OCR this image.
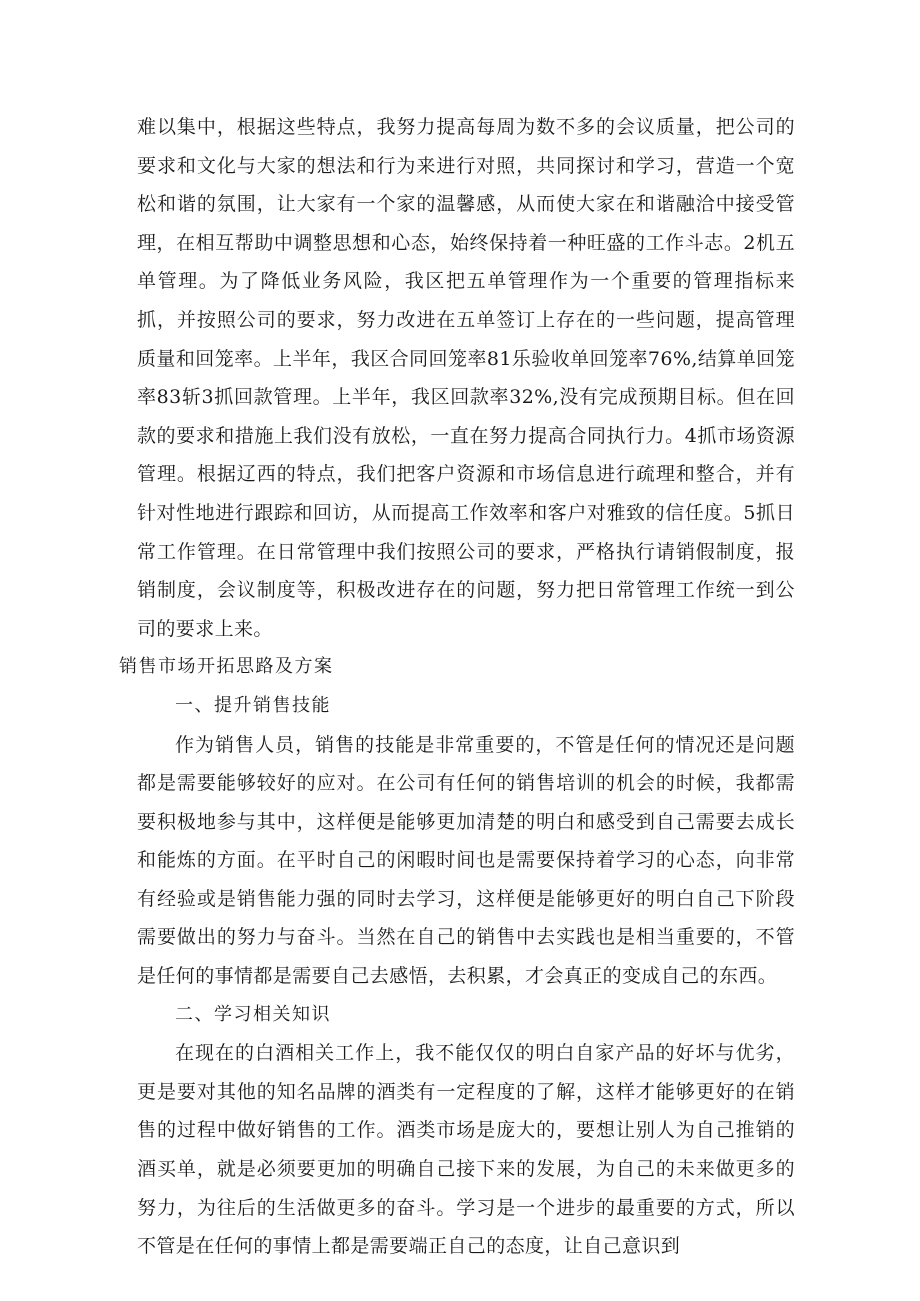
难以集中，根据这些特点，我努力提高每周为数不多的会议质量，把公司的要求和文化与大家的想法和行为来进行对照，共同探讨和学习，营造一个宽松和谐的氛围，让大家有一个家的温馨感，从而使大家在和谐融洽中接受管理，在相互帮助中调整思想和心态，始终保持着一种旺盛的工作斗志。2机五单管理。为了降低业务风险，我区把五单管理作为一个重要的管理指标来抓，并按照公司的要求，努力改进在五单签订上存在的一些问题，提高管理质量和回笼率。上半年，我区合同回笼率81乐验收单回笼率76%,结算单回笼率83斩3抓回款管理。上半年，我区回款率32%,没有完成预期目标。但在回款的要求和措施上我们没有放松，一直在努力提高合同执行力。4抓市场资源管理。根据辽西的特点，我们把客户资源和市场信息进行疏理和整合，并有针对性地进行跟踪和回访，从而提高工作效率和客户对雅致的信任度。5抓日常工作管理。在日常管理中我们按照公司的要求，严格执行请销假制度，报销制度，会议制度等，积极改进存在的问题，努力把日常管理工作统一到公司的要求上来。

销售市场开拓思路及方案

一、提升销售技能

作为销售人员，销售的技能是非常重要的，不管是任何的情况还是问题都是需要能够较好的应对。在公司有任何的销售培训的机会的时候，我都需要积极地参与其中，这样便是能够更加清楚的明白和感受到自己需要去成长和能炼的方面。在平时自己的闲暇时间也是需要保持着学习的心态，向非常有经验或是销售能力强的同时去学习，这样便是能够更好的明白自己下阶段需要做出的努力与奋斗。当然在自己的销售中去实践也是相当重要的，不管是任何的事情都是需要自己去感悟，去积累，才会真正的变成自己的东西。

二、学习相关知识

在现在的白酒相关工作上，我不能仅仅的明白自家产品的好坏与优劣，更是要对其他的知名品牌的酒类有一定程度的了解，这样才能够更好的在销售的过程中做好销售的工作。酒类市场是庞大的，要想让别人为自己推销的酒买单，就是必须要更加的明确自己接下来的发展，为自己的未来做更多的努力，为往后的生活做更多的奋斗。学习是一个进步的最重要的方式，所以不管是在任何的事情上都是需要端正自己的态度，让自己意识到
